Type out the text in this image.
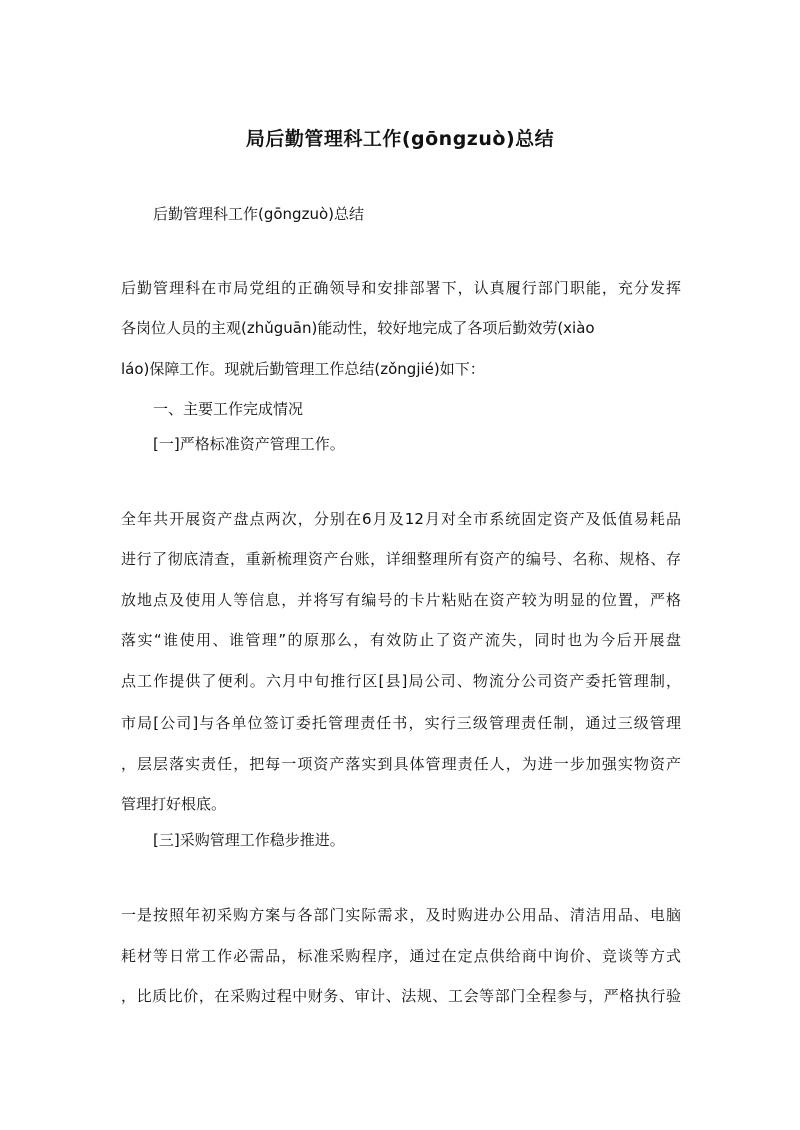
局后勤管理科工作(gōngzuò)总结
后勤管理科工作(gōngzuò)总结
后勤管理科在市局党组的正确领导和安排部署下，认真履行部门职能，充分发挥
各岗位人员的主观(zhǔguān)能动性，较好地完成了各项后勤效劳(xiào
láo)保障工作。现就后勤管理工作总结(zǒngjié)如下：
一、主要工作完成情况
[一]严格标准资产管理工作。
全年共开展资产盘点两次，分别在6月及12月对全市系统固定资产及低值易耗品
进行了彻底清查，重新梳理资产台账，详细整理所有资产的编号、名称、规格、存
放地点及使用人等信息，并将写有编号的卡片粘贴在资产较为明显的位置，严格
落实“谁使用、谁管理”的原那么，有效防止了资产流失，同时也为今后开展盘
点工作提供了便利。六月中旬推行区[县]局公司、物流分公司资产委托管理制，
市局[公司]与各单位签订委托管理责任书，实行三级管理责任制，通过三级管理
，层层落实责任，把每一项资产落实到具体管理责任人，为进一步加强实物资产
管理打好根底。
[三]采购管理工作稳步推进。
一是按照年初采购方案与各部门实际需求，及时购进办公用品、清洁用品、电脑
耗材等日常工作必需品，标准采购程序，通过在定点供给商中询价、竞谈等方式
，比质比价，在采购过程中财务、审计、法规、工会等部门全程参与，严格执行验
